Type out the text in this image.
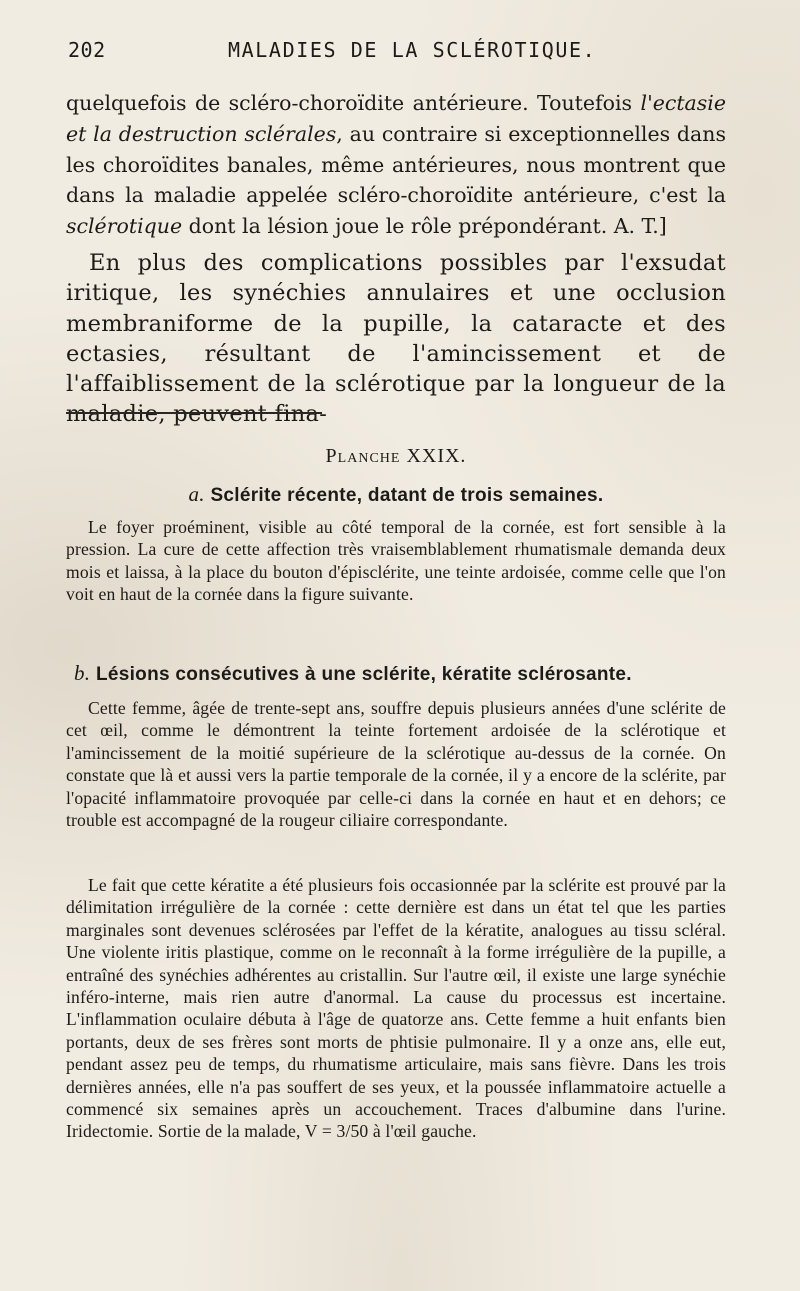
202	MALADIES DE LA SCLÉROTIQUE.

quelquefois de scléro-choroïdite antérieure. Toutefois l'ectasie et la destruction sclérales, au contraire si exceptionnelles dans les choroïdites banales, même antérieures, nous montrent que dans la maladie appelée scléro-choroïdite antérieure, c'est la sclérotique dont la lésion joue le rôle prépondérant. A. T.]

En plus des complications possibles par l'exsudat iritique, les synéchies annulaires et une occlusion membraniforme de la pupille, la cataracte et des ectasies, résultant de l'amincissement et de l'affaiblissement de la sclérotique par la longueur de la maladie, peuvent fina-

Planche XXIX.
a. Sclérite récente, datant de trois semaines.

Le foyer proéminent, visible au côté temporal de la cornée, est fort sensible à la pression. La cure de cette affection très vraisemblablement rhumatismale demanda deux mois et laissa, à la place du bouton d'épisclérite, une teinte ardoisée, comme celle que l'on voit en haut de la cornée dans la figure suivante.

b. Lésions consécutives à une sclérite, kératite sclérosante.

Cette femme, âgée de trente-sept ans, souffre depuis plusieurs années d'une sclérite de cet œil, comme le démontrent la teinte fortement ardoisée de la sclérotique et l'amincissement de la moitié supérieure de la sclérotique au-dessus de la cornée. On constate que là et aussi vers la partie temporale de la cornée, il y a encore de la sclérite, par l'opacité inflammatoire provoquée par celle-ci dans la cornée en haut et en dehors; ce trouble est accompagné de la rougeur ciliaire correspondante.

Le fait que cette kératite a été plusieurs fois occasionnée par la sclérite est prouvé par la délimitation irrégulière de la cornée : cette dernière est dans un état tel que les parties marginales sont devenues sclérosées par l'effet de la kératite, analogues au tissu scléral. Une violente iritis plastique, comme on le reconnaît à la forme irrégulière de la pupille, a entraîné des synéchies adhérentes au cristallin. Sur l'autre œil, il existe une large synéchie inféro-interne, mais rien autre d'anormal. La cause du processus est incertaine. L'inflammation oculaire débuta à l'âge de quatorze ans. Cette femme a huit enfants bien portants, deux de ses frères sont morts de phtisie pulmonaire. Il y a onze ans, elle eut, pendant assez peu de temps, du rhumatisme articulaire, mais sans fièvre. Dans les trois dernières années, elle n'a pas souffert de ses yeux, et la poussée inflammatoire actuelle a commencé six semaines après un accouchement. Traces d'albumine dans l'urine. Iridectomie. Sortie de la malade, V = 3/50 à l'œil gauche.
